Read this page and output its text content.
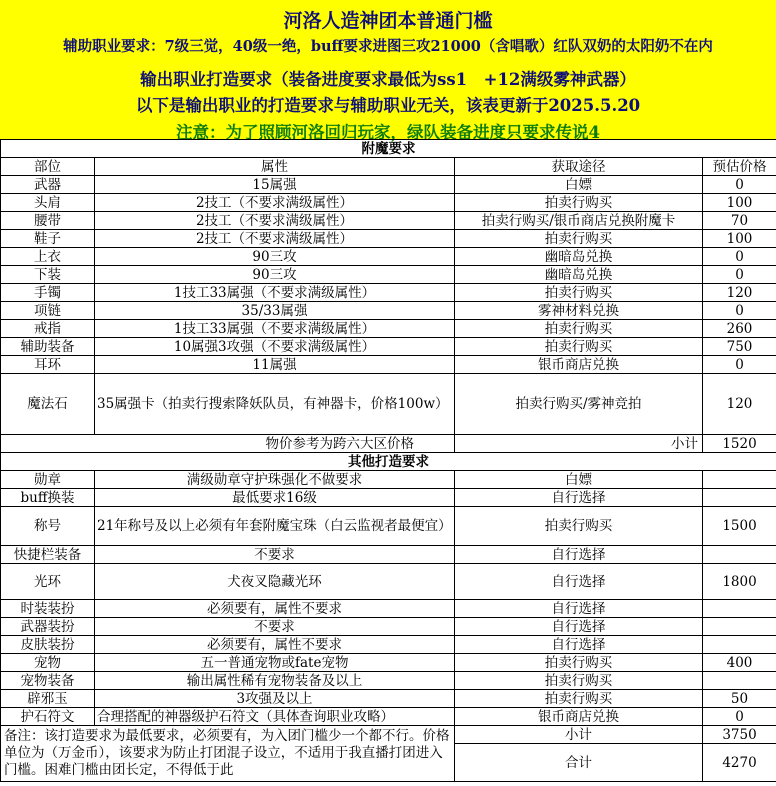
河洛人造神团本普通门槛
辅助职业要求：7级三觉，40级一绝，buff要求进图三攻21000（含唱歌）红队双奶的太阳奶不在内
输出职业打造要求（装备进度要求最低为ss1　+12满级雾神武器）
以下是输出职业的打造要求与辅助职业无关，该表更新于2025.5.20
注意：为了照顾河洛回归玩家，绿队装备进度只要求传说4
附魔要求			
部位	属性	获取途径	预估价格
武器	15属强	白嫖	0
头肩	2技工（不要求满级属性）	拍卖行购买	100
腰带	2技工（不要求满级属性）	拍卖行购买/银币商店兑换附魔卡	70
鞋子	2技工（不要求满级属性）	拍卖行购买	100
上衣	90三攻	幽暗岛兑换	0
下装	90三攻	幽暗岛兑换	0
手镯	1技工33属强（不要求满级属性）	拍卖行购买	120
项链	35/33属强	雾神材料兑换	0
戒指	1技工33属强（不要求满级属性）	拍卖行购买	260
辅助装备	10属强3攻强（不要求满级属性）	拍卖行购买	750
耳环	11属强	银币商店兑换	0
魔法石	35属强卡（拍卖行搜索降妖队员，有神器卡，价格100w）	拍卖行购买/雾神竞拍	120
物价参考为跨六大区价格		小计	1520
其他打造要求			
勋章	满级勋章守护珠强化不做要求	白嫖	
buff换装	最低要求16级	自行选择	
称号	21年称号及以上必须有年套附魔宝珠（白云监视者最便宜）	拍卖行购买	1500
快捷栏装备	不要求	自行选择	
光环	犬夜叉隐藏光环	自行选择	1800
时装装扮	必须要有，属性不要求	自行选择	
武器装扮	不要求	自行选择	
皮肤装扮	必须要有，属性不要求	自行选择	
宠物	五一普通宠物或fate宠物	拍卖行购买	400
宠物装备	输出属性稀有宠物装备及以上	拍卖行购买	
辟邪玉	3攻强及以上	拍卖行购买	50
护石符文	合理搭配的神器级护石符文（具体查询职业攻略）	银币商店兑换	0
备注：该打造要求为最低要求，必须要有，为入团门槛少一个都不行。价格单位为（万金币），该要求为防止打团混子设立，不适用于我直播打团进入门槛。困难门槛由团长定，不得低于此		小计	3750
		合计	4270
